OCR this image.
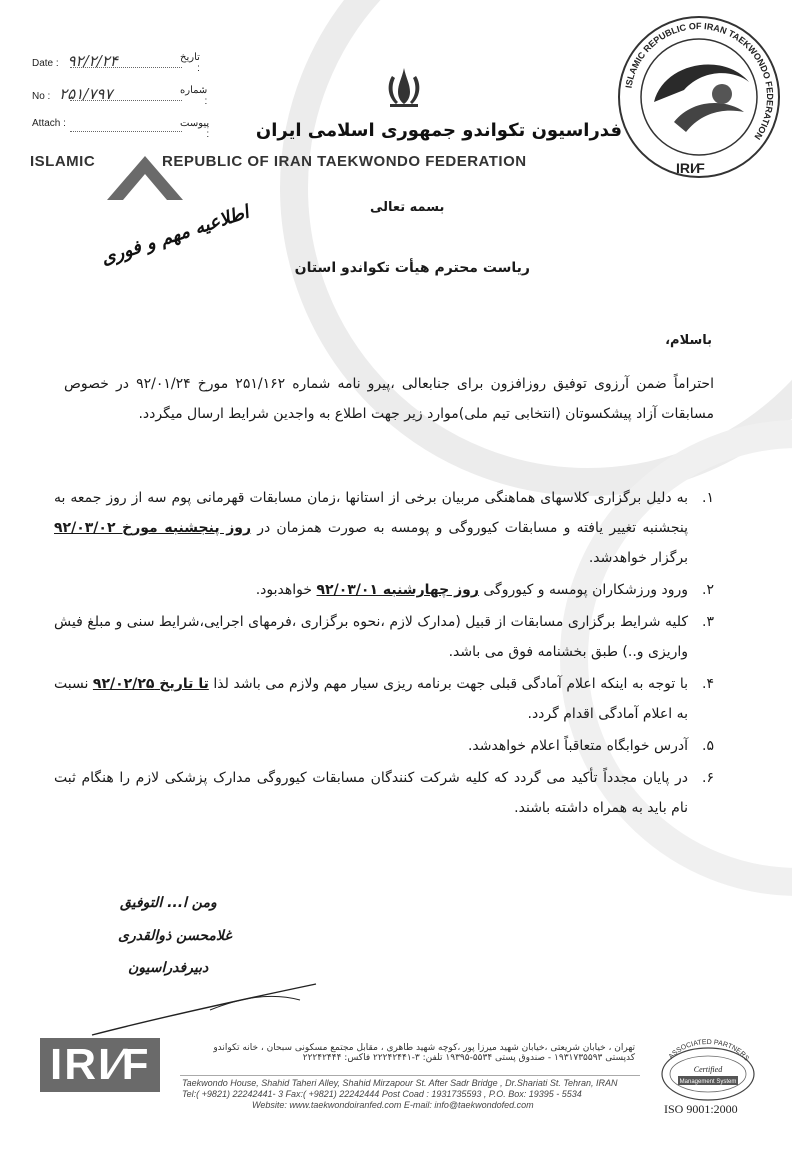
Date : ۹۲/۲/۲۴	تاریخ :
No : ۲۵۱/۷۹۷	شماره :
Attach :	پیوست :	فدراسیون تکواندو جمهوری اسلامی ایران
ISLAMIC	REPUBLIC OF IRAN TAEKWONDO FEDERATION
ISLAMIC REPUBLIC OF IRAN TAEKWONDO FEDERATION
IRI∕F
بسمه تعالی
اطلاعیه مهم و فوری	ریاست محترم هیأت تکواندو استان
باسلام،
احتراماً ضمن آرزوی توفیق روزافزون برای جنابعالی ،پیرو نامه شماره ۲۵۱/۱۶۲ مورخ ۹۲/۰۱/۲۴ در خصوص مسابقات آزاد پیشکسوتان (انتخابی تیم ملی)موارد زیر جهت اطلاع به واجدین شرایط ارسال میگردد.
۱.
به دلیل برگزاری کلاسهای هماهنگی مربیان برخی از استانها ،زمان مسابقات قهرمانی پوم سه از روز جمعه به پنجشنبه تغییر یافته و مسابقات کیوروگی و پومسه به صورت همزمان در روز پنجشنبه مورخ ۹۲/۰۳/۰۲ برگزار خواهدشد.
۲.
ورود ورزشکاران پومسه و کیوروگی روز چهارشنبه ۹۲/۰۳/۰۱ خواهدبود.
۳.
کلیه شرایط برگزاری مسابقات از قبیل (مدارک لازم ،نحوه برگزاری ،فرمهای اجرایی،شرایط سنی و مبلغ فیش واریزی و..) طبق بخشنامه فوق می باشد.
۴.
با توجه به اینکه اعلام آمادگی قبلی جهت برنامه ریزی سیار مهم ولازم می باشد لذا تا تاریخ ۹۲/۰۲/۲۵ نسبت به اعلام آمادگی اقدام گردد.
۵.
آدرس خوابگاه متعاقباً اعلام خواهدشد.
۶.
در پایان مجدداً تأکید می گردد که کلیه شرکت کنندگان مسابقات کیوروگی مدارک پزشکی لازم را هنگام ثبت نام باید به همراه داشته باشند.
ومن ا... التوفیق
غلامحسن ذوالقدری
دبیرفدراسیون
IRI∕F	تهران ، خیابان شریعتی ،خیابان شهید میرزا پور ،کوچه شهید طاهری ، مقابل مجتمع مسکونی سبحان ، خانه تکواندو
کدپستی ۱۹۳۱۷۳۵۵۹۳ - صندوق پستی ۵۵۳۴-۱۹۳۹۵ تلفن: ۳-۲۲۲۴۲۴۴۱ فاکس: ۲۲۲۴۲۴۴۴
Taekwondo House, Shahid Taheri Alley, Shahid Mirzapour St. After Sadr Bridge , Dr.Shariati St. Tehran, IRAN
Tel:( +9821) 22242441- 3 Fax:( +9821) 22242444 Post Coad : 1931735593 , P.O. Box: 19395 - 5534
Website: www.taekwondoiranfed.com E-mail: info@taekwondofed.com
ASSOCIATED PARTNERS
Certified
Management System
ISO 9001:2000
